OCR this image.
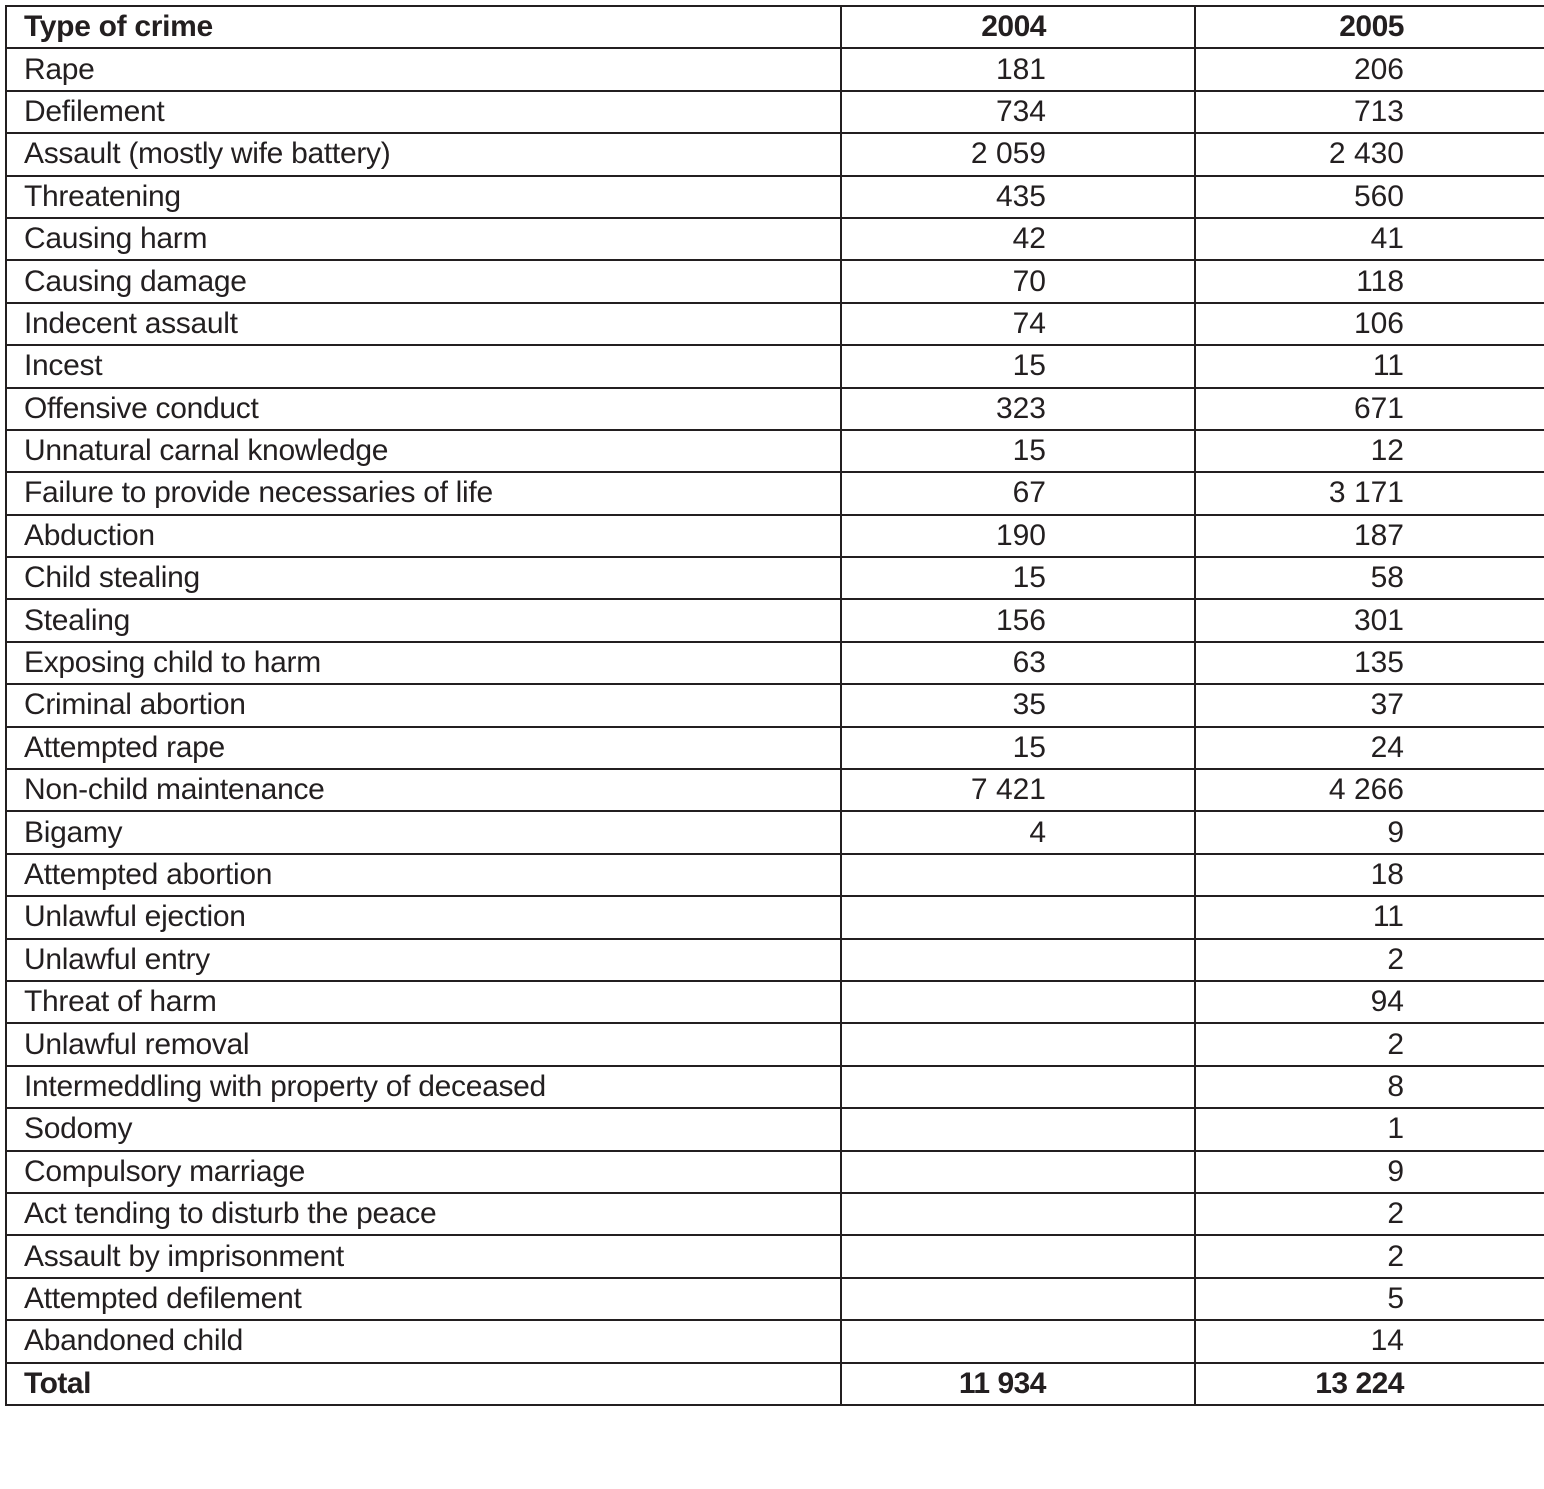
Type of crime	2004	2005
Rape	181	206
Defilement	734	713
Assault (mostly wife battery)	2 059	2 430
Threatening	435	560
Causing harm	42	41
Causing damage	70	118
Indecent assault	74	106
Incest	15	11
Offensive conduct	323	671
Unnatural carnal knowledge	15	12
Failure to provide necessaries of life	67	3 171
Abduction	190	187
Child stealing	15	58
Stealing	156	301
Exposing child to harm	63	135
Criminal abortion	35	37
Attempted rape	15	24
Non-child maintenance	7 421	4 266
Bigamy	4	9
Attempted abortion		18
Unlawful ejection		11
Unlawful entry		2
Threat of harm		94
Unlawful removal		2
Intermeddling with property of deceased		8
Sodomy		1
Compulsory marriage		9
Act tending to disturb the peace		2
Assault by imprisonment		2
Attempted defilement		5
Abandoned child		14
Total	11 934	13 224
